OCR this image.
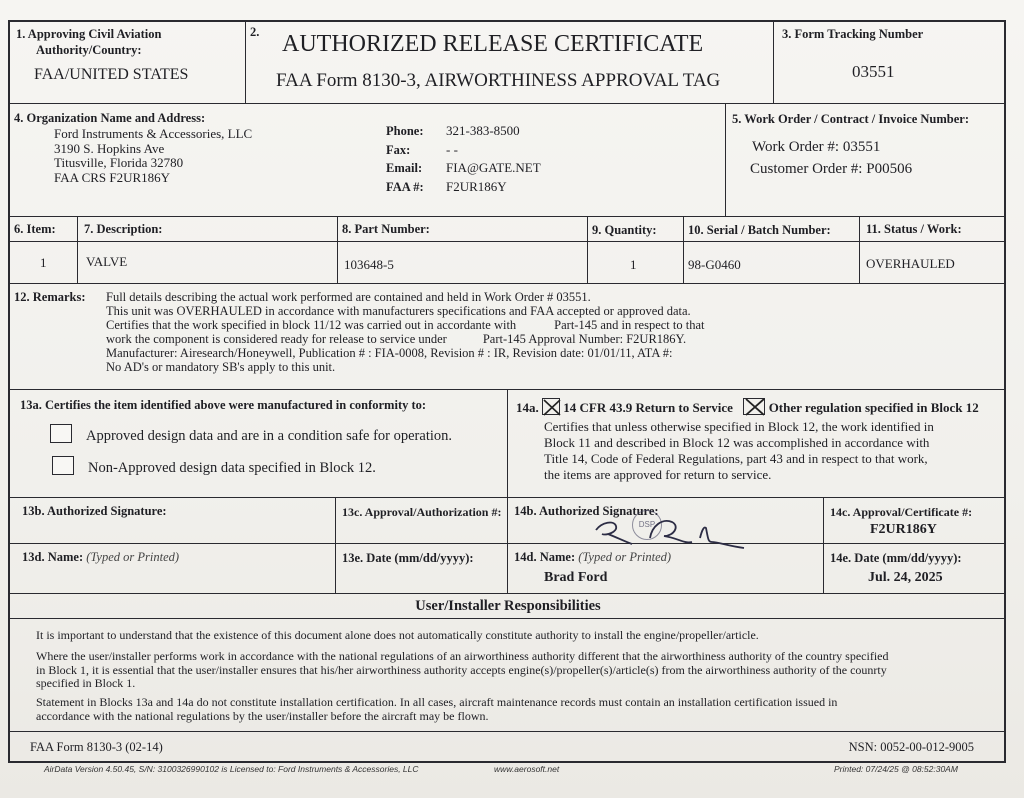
1. Approving Civil Aviation
Authority/Country:
FAA/UNITED STATES
2. AUTHORIZED RELEASE CERTIFICATE
FAA Form 8130-3, AIRWORTHINESS APPROVAL TAG
3. Form Tracking Number
03551
4. Organization Name and Address:
Ford Instruments & Accessories, LLC
3190 S. Hopkins Ave
Titusville, Florida 32780
FAA CRS F2UR186Y
Phone: 321-383-8500
Fax:	- -
Email: FIA@GATE.NET
FAA #: F2UR186Y
5. Work Order / Contract / Invoice Number:
Work Order #: 03551
Customer Order #: P00506
6. Item: 7. Description:	8. Part Number:	9. Quantity:	10. Serial / Batch Number:	11. Status / Work:
1	VALVE	103648-5	1	98-G0460	OVERHAULED
12. Remarks: Full details describing the actual work performed are contained and held in Work Order # 03551.
This unit was OVERHAULED in accordance with manufacturers specifications and FAA accepted or approved data.
Certifies that the work specified in block 11/12 was carried out in accordante with	Part-145 and in respect to that
work the component is considered ready for release to service under	Part-145 Approval Number: F2UR186Y.
Manufacturer: Airesearch/Honeywell, Publication # : FIA-0008, Revision # : IR, Revision date: 01/01/11, ATA #:
No AD's or mandatory SB's apply to this unit.
13a. Certifies the item identified above were manufactured in conformity to:
Approved design data and are in a condition safe for operation.
Non-Approved design data specified in Block 12.
14a. 14 CFR 43.9 Return to Service	Other regulation specified in Block 12
Certifies that unless otherwise specified in Block 12, the work identified in
Block 11 and described in Block 12 was accomplished in accordance with
Title 14, Code of Federal Regulations, part 43 and in respect to that work,
the items are approved for return to service.
13b. Authorized Signature:	13c. Approval/Authorization #: 14b. Authorized Signature:
DSP
14c. Approval/Certificate #:
F2UR186Y
13d. Name: (Typed or Printed)	13e. Date (mm/dd/yyyy):	14d. Name: (Typed or Printed)
Brad Ford
14e. Date (mm/dd/yyyy):
Jul. 24, 2025
User/Installer Responsibilities
It is important to understand that the existence of this document alone does not automatically constitute authority to install the engine/propeller/article.
Where the user/installer performs work in accordance with the national regulations of an airworthiness authority different that the airworthiness authority of the country specified
in Block 1, it is essential that the user/installer ensures that his/her airworthiness authority accepts engine(s)/propeller(s)/article(s) from the airworthiness authority of the counrty
specified in Block 1.
Statement in Blocks 13a and 14a do not constitute installation certification. In all cases, aircraft maintenance records must contain an installation certification issued in
accordance with the national regulations by the user/installer before the aircraft may be flown.
FAA Form 8130-3 (02-14)	NSN: 0052-00-012-9005
AirData Version 4.50.45, S/N: 3100326990102 is Licensed to: Ford Instruments & Accessories, LLC	www.aerosoft.net	Printed: 07/24/25 @ 08:52:30AM
